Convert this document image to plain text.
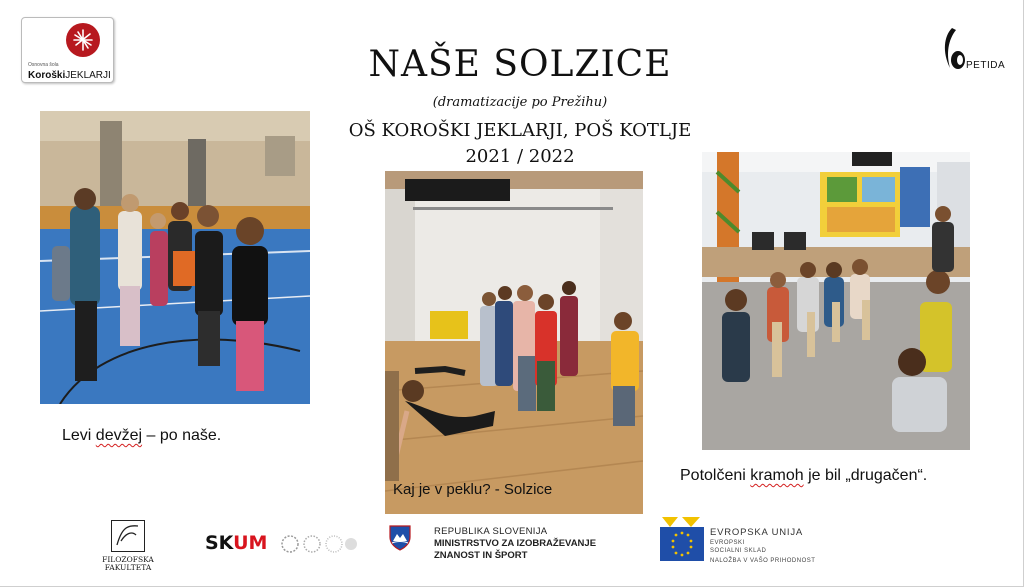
Osnovna šola
KoroškiJEKLARJI
PETIDA
NAŠE SOLZICE
(dramatizacije po Prežihu)
OŠ KOROŠKI JEKLARJI, POŠ KOTLJE
2021 / 2022
Levi devžej – po naše.
Kaj je v peklu? - Solzice
Potolčeni kramoh je bil „drugačen“.
FILOZOFSKA
FAKULTETA
SKUM
REPUBLIKA SLOVENIJA
MINISTRSTVO ZA IZOBRAŽEVANJE
ZNANOST IN ŠPORT
EVROPSKA UNIJA
EVROPSKI
SOCIALNI SKLAD
NALOŽBA V VAŠO PRIHODNOST
